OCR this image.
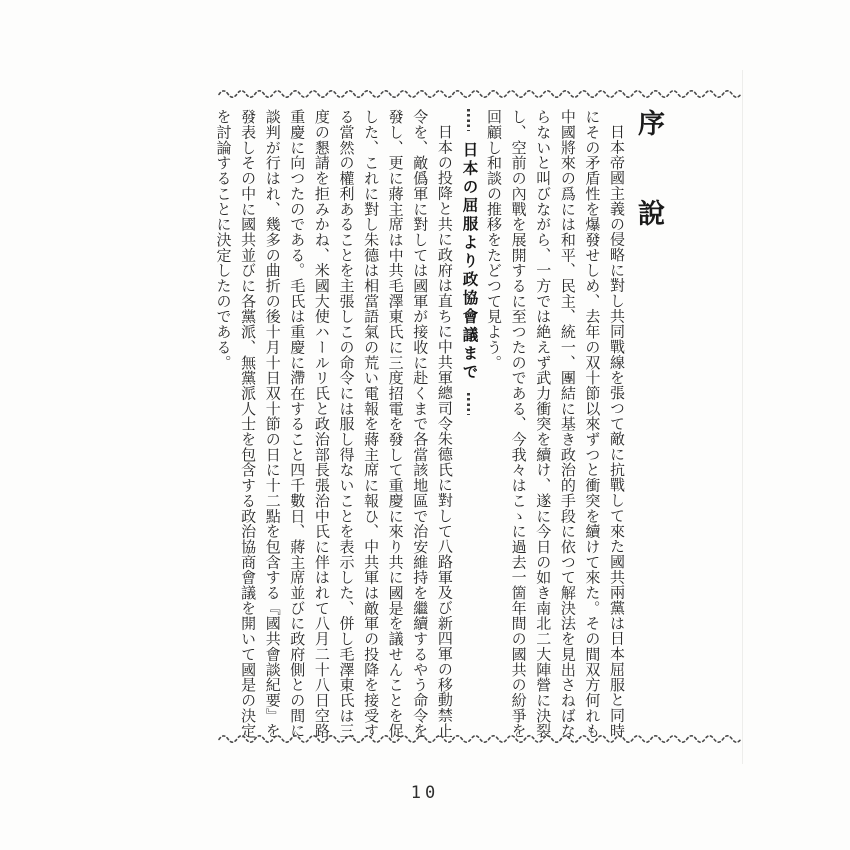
序說

日本帝國主義の侵略に對し共同戰線を張つて敵に抗戰して來た國共兩黨は日本屈服と同時

にその矛盾性を爆發せしめ、去年の双十節以來ずつと衝突を續けて來た。その間双方何れも

中國將來の爲には和平、民主、統一、團結に基き政治的手段に依つて解決法を見出さねばな

らないと叫びながら、一方では絶えず武力衝突を續け、遂に今日の如き南北二大陣營に決裂

し、空前の內戰を展開するに至つたのである、今我々はこゝに過去一箇年間の國共の紛爭を

回顧し和談の推移をたどつて見よう。

日本の屈服より政協會議まで

日本の投降と共に政府は直ちに中共軍總司令朱德氏に對して八路軍及び新四軍の移動禁止

令を、敵僞軍に對しては國軍が接收に赴くまで各當該地區で治安維持を繼續するやう命令を

發し、更に蔣主席は中共毛澤東氏に三度招電を發して重慶に來り共に國是を議せんことを促

した、これに對し朱德は相當語氣の荒い電報を蔣主席に報ひ、中共軍は敵軍の投降を接受す

る當然の權利あることを主張しこの命令には服し得ないことを表示した、併し毛澤東氏は三

度の懇請を拒みかね、米國大使ハールリ氏と政治部長張治中氏に伴はれて八月二十八日空路

重慶に向つたのである。毛氏は重慶に滯在すること四千數日、蔣主席並びに政府側との間に

談判が行はれ、幾多の曲折の後十月十日双十節の日に十二點を包含する『國共會談紀要』を

發表しその中に國共並びに各黨派、無黨派人士を包含する政治協商會議を開いて國是の決定

を討論することに決定したのである。

10
